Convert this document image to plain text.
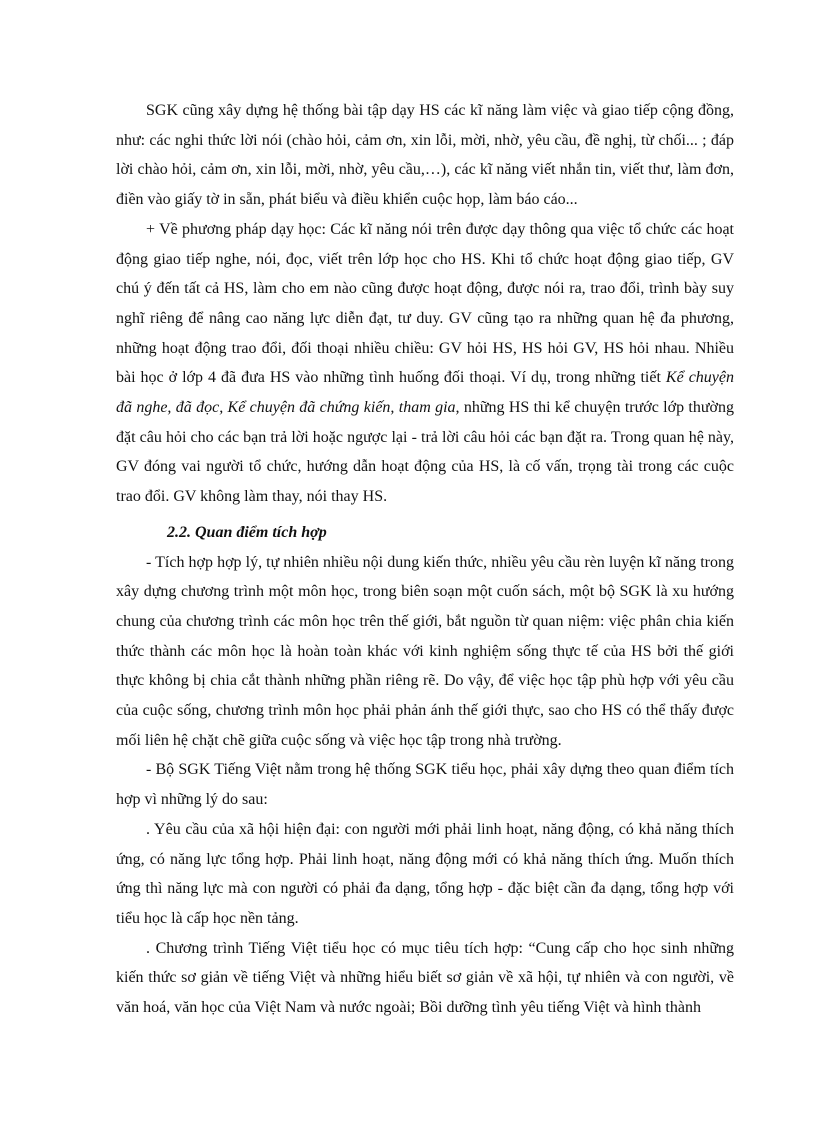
SGK cũng xây dựng hệ thống bài tập dạy HS các kĩ năng làm việc và giao tiếp cộng đồng, như: các nghi thức lời nói (chào hỏi, cảm ơn, xin lỗi, mời, nhờ, yêu cầu, đề nghị, từ chối... ; đáp lời chào hỏi, cảm ơn, xin lỗi, mời, nhờ, yêu cầu,…), các kĩ năng viết nhắn tin, viết thư, làm đơn, điền vào giấy tờ in sẵn, phát biểu và điều khiển cuộc họp, làm báo cáo...

+ Về phương pháp dạy học: Các kĩ năng nói trên được dạy thông qua việc tổ chức các hoạt động giao tiếp nghe, nói, đọc, viết trên lớp học cho HS. Khi tổ chức hoạt động giao tiếp, GV chú ý đến tất cả HS, làm cho em nào cũng được hoạt động, được nói ra, trao đổi, trình bày suy nghĩ riêng để nâng cao năng lực diễn đạt, tư duy. GV cũng tạo ra những quan hệ đa phương, những hoạt động trao đổi, đối thoại nhiều chiều: GV hỏi HS, HS hỏi GV, HS hỏi nhau. Nhiều bài học ở lớp 4 đã đưa HS vào những tình huống đối thoại. Ví dụ, trong những tiết Kể chuyện đã nghe, đã đọc, Kể chuyện đã chứng kiến, tham gia, những HS thi kể chuyện trước lớp thường đặt câu hỏi cho các bạn trả lời hoặc ngược lại - trả lời câu hỏi các bạn đặt ra. Trong quan hệ này, GV đóng vai người tổ chức, hướng dẫn hoạt động của HS, là cố vấn, trọng tài trong các cuộc trao đổi. GV không làm thay, nói thay HS.

2.2. Quan điểm tích hợp

- Tích hợp hợp lý, tự nhiên nhiều nội dung kiến thức, nhiều yêu cầu rèn luyện kĩ năng trong xây dựng chương trình một môn học, trong biên soạn một cuốn sách, một bộ SGK là xu hướng chung của chương trình các môn học trên thế giới, bắt nguồn từ quan niệm: việc phân chia kiến thức thành các môn học là hoàn toàn khác với kinh nghiệm sống thực tế của HS bởi thế giới thực không bị chia cắt thành những phần riêng rẽ. Do vậy, để việc học tập phù hợp với yêu cầu của cuộc sống, chương trình môn học phải phản ánh thế giới thực, sao cho HS có thể thấy được mối liên hệ chặt chẽ giữa cuộc sống và việc học tập trong nhà trường.

- Bộ SGK Tiếng Việt nằm trong hệ thống SGK tiểu học, phải xây dựng theo quan điểm tích hợp vì những lý do sau:

. Yêu cầu của xã hội hiện đại: con người mới phải linh hoạt, năng động, có khả năng thích ứng, có năng lực tổng hợp. Phải linh hoạt, năng động mới có khả năng thích ứng. Muốn thích ứng thì năng lực mà con người có phải đa dạng, tổng hợp - đặc biệt cần đa dạng, tổng hợp với tiểu học là cấp học nền tảng.

. Chương trình Tiếng Việt tiểu học có mục tiêu tích hợp: “Cung cấp cho học sinh những kiến thức sơ giản về tiếng Việt và những hiểu biết sơ giản về xã hội, tự nhiên và con người, về văn hoá, văn học của Việt Nam và nước ngoài; Bồi dưỡng tình yêu tiếng Việt và hình thành
